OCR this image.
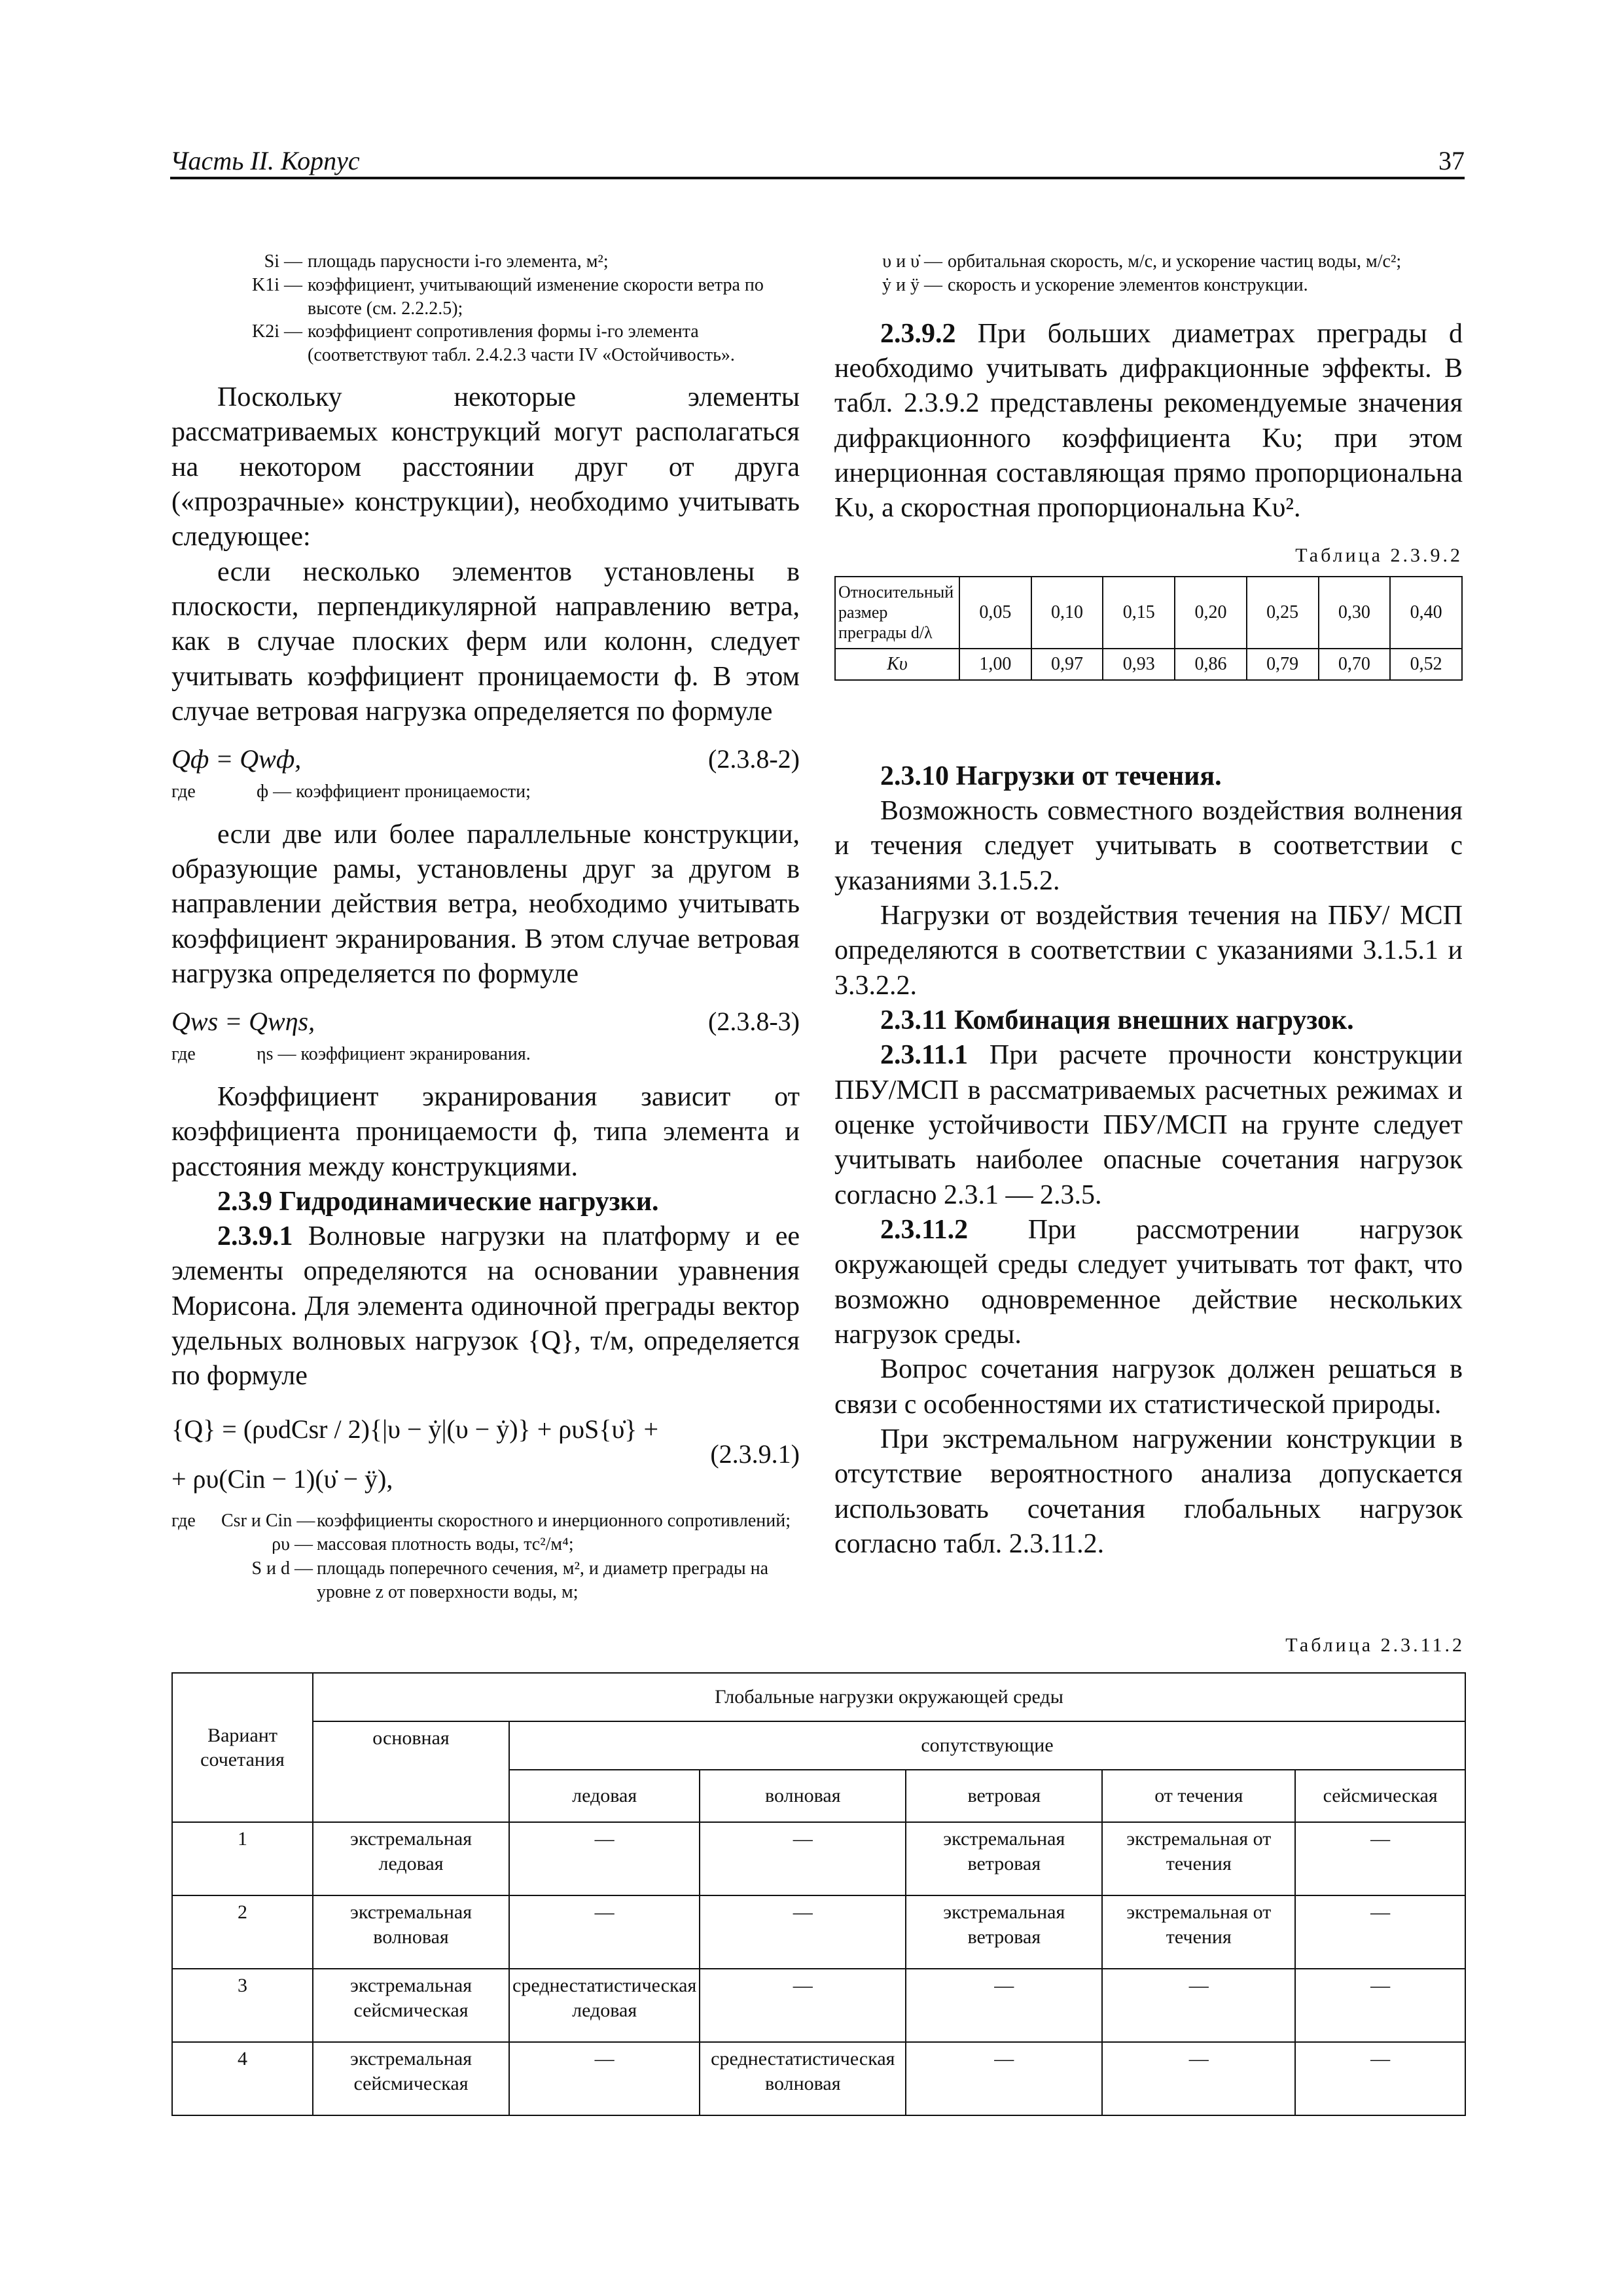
Часть II. Корпус	37
Si — площадь парусности i-го элемента, м²;
K1i — коэффициент, учитывающий изменение скорости ветра по высоте (см. 2.2.2.5);
K2i — коэффициент сопротивления формы i-го элемента (соответствуют табл. 2.4.2.3 части IV «Остойчивость».

Поскольку некоторые элементы рассматриваемых конструкций могут располагаться на некотором расстоянии друг от друга («прозрачные» конструкции), необходимо учитывать следующее:

если несколько элементов установлены в плоскости, перпендикулярной направлению ветра, как в случае плоских ферм или колонн, следует учитывать коэффициент проницаемости ф. В этом случае ветровая нагрузка определяется по формуле

Qф = Qwф,	(2.3.8-2)
где	ф — коэффициент проницаемости;

если две или более параллельные конструкции, образующие рамы, установлены друг за другом в направлении действия ветра, необходимо учитывать коэффициент экранирования. В этом случае ветровая нагрузка определяется по формуле

Qws = Qwηs,	(2.3.8-3)
где	ηs — коэффициент экранирования.

Коэффициент экранирования зависит от коэффициента проницаемости ф, типа элемента и расстояния между конструкциями.

2.3.9 Гидродинамические нагрузки.

2.3.9.1 Волновые нагрузки на платформу и ее элементы определяются на основании уравнения Морисона. Для элемента одиночной преграды вектор удельных волновых нагрузок {Q}, т/м, определяется по формуле

{Q} = (ρυdCsr / 2){|υ − ẏ|(υ − ẏ)} + ρυS{υ̇} +
+ ρυ(Cin − 1)(υ̇ − ÿ),
(2.3.9.1)
где	Csr и Cin — коэффициенты скоростного и инерционного сопротивлений;
ρυ — массовая плотность воды, тс²/м⁴;
S и d — площадь поперечного сечения, м², и диаметр преграды на уровне z от поверхности воды, м;
υ и υ̇ — орбитальная скорость, м/с, и ускорение частиц воды, м/с²;
ẏ и ÿ — скорость и ускорение элементов конструкции.

2.3.9.2 При больших диаметрах преграды d необходимо учитывать дифракционные эффекты. В табл. 2.3.9.2 представлены рекомендуемые значения дифракционного коэффициента Kυ; при этом инерционная составляющая прямо пропорциональна Kυ, а скоростная пропорциональна Kυ².

Таблица 2.3.9.2

Относительный размер преграды d/λ	0,05	0,10	0,15	0,20	0,25	0,30	0,40
Kυ	1,00	0,97	0,93	0,86	0,79	0,70	0,52

2.3.10 Нагрузки от течения.

Возможность совместного воздействия волнения и течения следует учитывать в соответствии с указаниями 3.1.5.2.

Нагрузки от воздействия течения на ПБУ/ МСП определяются в соответствии с указаниями 3.1.5.1 и 3.3.2.2.

2.3.11 Комбинация внешних нагрузок.

2.3.11.1 При расчете прочности конструкции ПБУ/МСП в рассматриваемых расчетных режимах и оценке устойчивости ПБУ/МСП на грунте следует учитывать наиболее опасные сочетания нагрузок согласно 2.3.1 — 2.3.5.

2.3.11.2 При рассмотрении нагрузок окружающей среды следует учитывать тот факт, что возможно одновременное действие нескольких нагрузок среды.

Вопрос сочетания нагрузок должен решаться в связи с особенностями их статистической природы.

При экстремальном нагружении конструкции в отсутствие вероятностного анализа допускается использовать сочетания глобальных нагрузок согласно табл. 2.3.11.2.

Таблица 2.3.11.2

Вариант сочетания	Глобальные нагрузки окружающей среды					
	основная	сопутствующие				
		ледовая	волновая	ветровая	от течения	сейсмическая
1	экстремальная ледовая	—	—	экстремальная ветровая	экстремальная от течения	—
2	экстремальная волновая	—	—	экстремальная ветровая	экстремальная от течения	—
3	экстремальная сейсмическая	среднестатистическая ледовая	—	—	—	—
4	экстремальная сейсмическая	—	среднестатистическая волновая	—	—	—
